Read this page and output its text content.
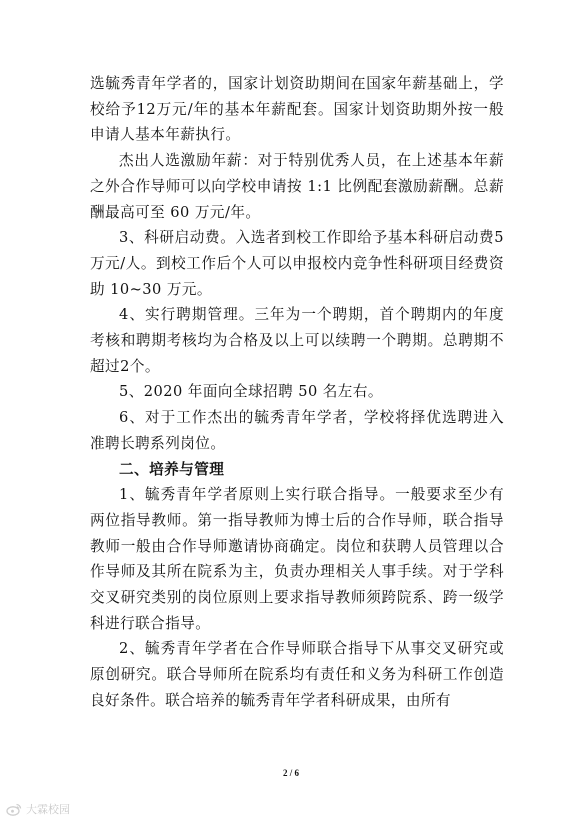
选毓秀青年学者的，国家计划资助期间在国家年薪基础上，学校给予12万元/年的基本年薪配套。国家计划资助期外按一般申请人基本年薪执行。

杰出人选激励年薪：对于特别优秀人员，在上述基本年薪之外合作导师可以向学校申请按 1:1 比例配套激励薪酬。总薪酬最高可至 60 万元/年。

3、科研启动费。入选者到校工作即给予基本科研启动费5万元/人。到校工作后个人可以申报校内竞争性科研项目经费资助 10~30 万元。

4、实行聘期管理。三年为一个聘期，首个聘期内的年度考核和聘期考核均为合格及以上可以续聘一个聘期。总聘期不超过2个。

5、2020 年面向全球招聘 50 名左右。

6、对于工作杰出的毓秀青年学者，学校将择优选聘进入准聘长聘系列岗位。

二、培养与管理

1、毓秀青年学者原则上实行联合指导。一般要求至少有两位指导教师。第一指导教师为博士后的合作导师，联合指导教师一般由合作导师邀请协商确定。岗位和获聘人员管理以合作导师及其所在院系为主，负责办理相关人事手续。对于学科交叉研究类别的岗位原则上要求指导教师须跨院系、跨一级学科进行联合指导。

2、毓秀青年学者在合作导师联合指导下从事交叉研究或原创研究。联合导师所在院系均有责任和义务为科研工作创造良好条件。联合培养的毓秀青年学者科研成果，由所有

2 / 6
大霖校园
